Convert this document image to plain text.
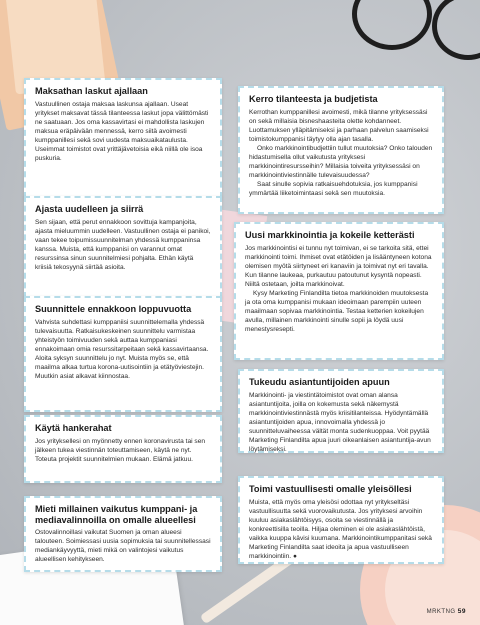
Maksathan laskut ajallaan

Vastuullinen ostaja maksaa laskunsa ajallaan. Useat yritykset maksavat tässä tilanteessa laskut jopa välittömästi ne saatuaan. Jos oma kassavirtasi ei mahdollista laskujen maksua eräpäivään mennessä, kerro siitä avoimesti kumppanillesi sekä sovi uudesta maksuaikataulusta. Useimmat toimistot ovat yrittäjävetoisia eikä niillä ole isoa puskuria.

Ajasta uudelleen ja siirrä

Sen sijaan, että perut ennakkoon sovittuja kampanjoita, ajasta mieluummin uudelleen. Vastuullinen ostaja ei panikoi, vaan tekee toipumissuunnitelman yhdessä kumppaninsa kanssa. Muista, että kumppanisi on varannut omat resurssinsa sinun suunnitelmiesi pohjalta. Ethän käytä kriisiä tekosyynä siirtää asioita.

Suunnittele ennakkoon loppuvuotta

Vahvista suhdettasi kumppaniisi suunnittelemalla yhdessä tulevaisuutta. Ratkaisukeskeinen suunnittelu varmistaa yhteistyön toimivuuden sekä auttaa kumppaniasi ennakoimaan omia resurssitarpeitaan sekä kassavirtaansa. Aloita syksyn suunnittelu jo nyt. Muista myös se, että maailma alkaa turtua korona-uutisointiin ja etätyöviestejin. Muutkin asiat alkavat kiinnostaa.

Käytä hankerahat

Jos yrityksellesi on myönnetty ennen koronavirusta tai sen jälkeen tukea viestinnän toteuttamiseen, käytä ne nyt. Toteuta projektit suunnitelmien mukaan. Elämä jatkuu.

Mieti millainen vaikutus kumppani- ja mediavalinnoilla on omalle alueellesi

Ostovalinnoillasi vaikutat Suomen ja oman alueesi talouteen. Soimiessasi uusia sopimuksia tai suunnitellessasi mediankäyvyyttä, mieti mikä on valintojesi vaikutus alueellisen kehitykseen.

Kerro tilanteesta ja budjetista

Kerrothan kumppanillesi avoimesti, mikä tilanne yrityksessäsi on sekä millaisia bisneshaasteita olette kohdanneet. Luottamuksen ylläpitämiseksi ja parhaan palvelun saamiseksi toimistokumppanisi täytyy olla ajan tasalla.

Onko markkinointibudjettiin tullut muutoksia? Onko talouden hidastumisella ollut vaikutusta yrityksesi markkinointiresursseihin? Millaisia toiveita yrityksessäsi on markkinointiviestinnälle tulevaisuudessa?

Saat sinulle sopivia ratkaisuehdotuksia, jos kumppanisi ymmärtää liiketoimintaasi sekä sen muutoksia.

Uusi markkinointia ja kokeile ketterästi

Jos markkinointisi ei tunnu nyt toimivan, ei se tarkoita sitä, ettei markkinointi toimi. Ihmiset ovat etätöiden ja lisääntyneen kotona olemisen myötä siirtyneet eri kanaviin ja toimivat nyt eri tavalla. Kun tilanne laukeaa, purkautuu patoutunut kysyntä nopeasti. Niiltä ostetaan, joilta markkinoivat.

Kysy Marketing Finlandilta tietoa markkinoiden muutoksesta ja ota oma kumppanisi mukaan ideoimaan parempiin uuteen maailmaan sopivaa markkinointia. Testaa ketterien kokeilujen avulla, millainen markkinointi sinulle sopii ja löydä uusi menestysresepti.

Tukeudu asiantuntijoiden apuun

Markkinointi- ja viestintätoimistot ovat oman alansa asiantuntijoita, joilla on kokemusta sekä näkemystä markkinointiviestinnästä myös kriisitilanteissa. Hyödyntämällä asiantuntijoiden apua, innovoimalla yhdessä jo suunnitteluvaiheessa vältät monta sudenkuoppaa. Voit pyytää Marketing Finlandilta apua juuri oikeanlaisen asiantuntija-avun löytämiseksi.

Toimi vastuullisesti omalle yleisöllesi

Muista, että myös oma yleisösi odottaa nyt yritykseltäsi vastuullisuutta sekä vuorovaikutusta. Jos yrityksesi arvoihin kuuluu asiakaslähtöisyys, osoita se viestinnällä ja konkreettisilla teoilla. Hiljaa oleminen ei ole asiakaslähtöistä, vaikka kuuppa kävisi kuumana. Markkinointikumppanitasi sekä Marketing Finlandilta saat ideoita ja apua vastuulliseen markkinointiin. ●

MRKTNG 59
